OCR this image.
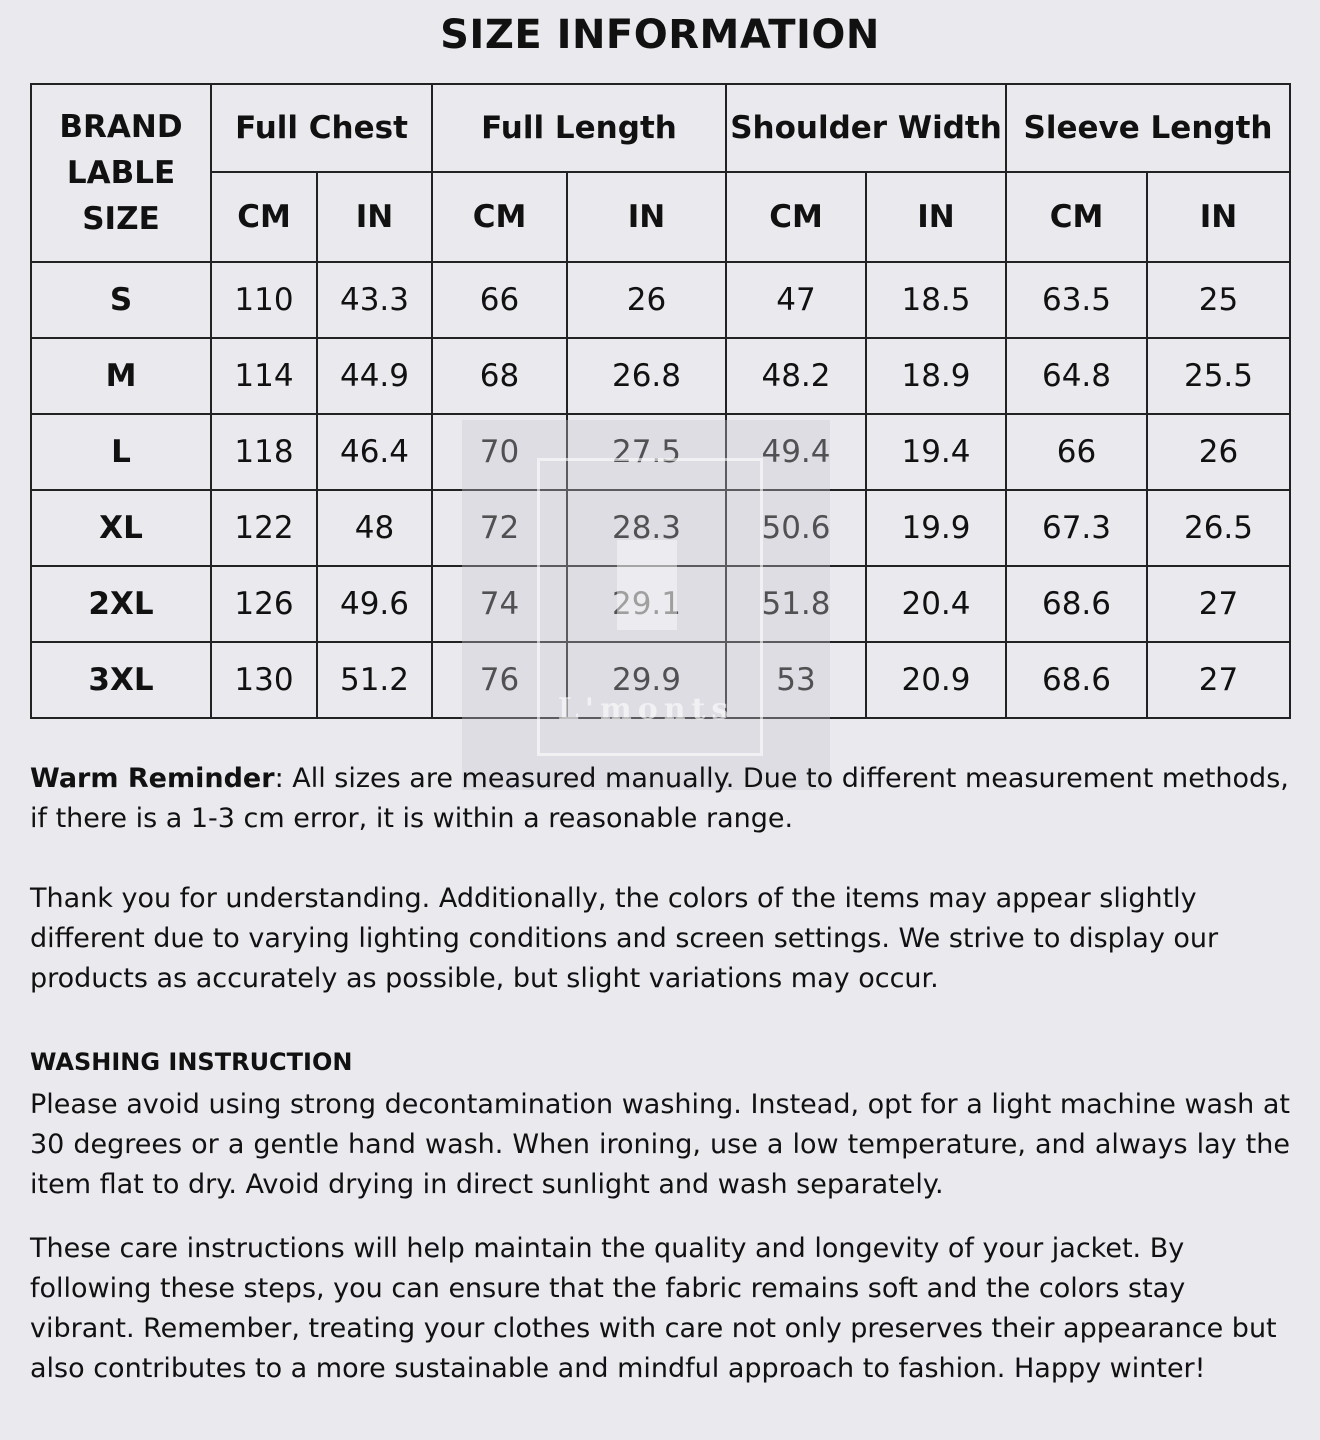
SIZE INFORMATION
BRAND
LABLE
SIZE	Full Chest		Full Length		Shoulder Width		Sleeve Length	
	CM	IN	CM	IN	CM	IN	CM	IN
S	110	43.3	66	26	47	18.5	63.5	25
M	114	44.9	68	26.8	48.2	18.9	64.8	25.5
L	118	46.4	70	27.5	49.4	19.4	66	26
XL	122	48	72	28.3	50.6	19.9	67.3	26.5
2XL	126	49.6	74	29.1	51.8	20.4	68.6	27
3XL	130	51.2	76	29.9	53	20.9	68.6	27
L'monts

Warm Reminder: All sizes are measured manually. Due to different measurement methods, if there is a 1-3 cm error, it is within a reasonable range.

Thank you for understanding. Additionally, the colors of the items may appear slightly different due to varying lighting conditions and screen settings. We strive to display our products as accurately as possible, but slight variations may occur.

WASHING INSTRUCTION

Please avoid using strong decontamination washing. Instead, opt for a light machine wash at 30 degrees or a gentle hand wash. When ironing, use a low temperature, and always lay the item flat to dry. Avoid drying in direct sunlight and wash separately.

These care instructions will help maintain the quality and longevity of your jacket. By following these steps, you can ensure that the fabric remains soft and the colors stay vibrant. Remember, treating your clothes with care not only preserves their appearance but also contributes to a more sustainable and mindful approach to fashion. Happy winter!
